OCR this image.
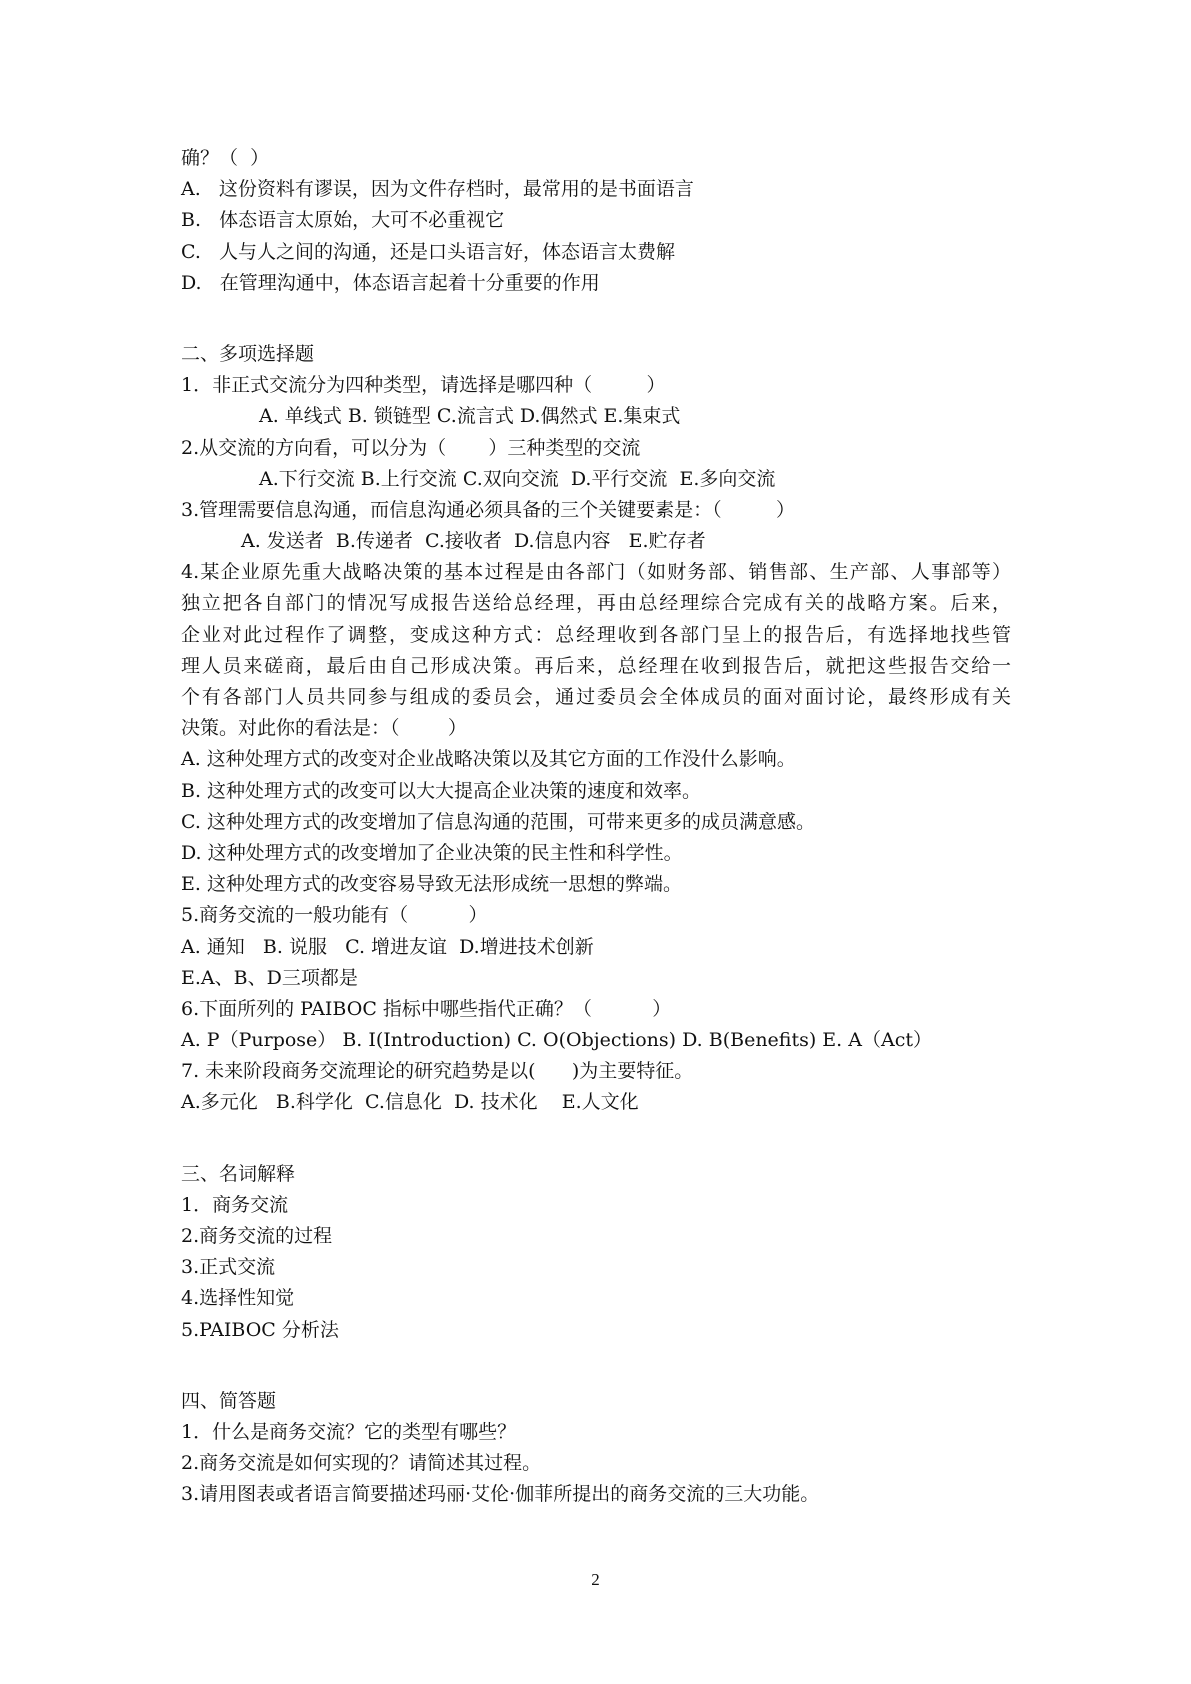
确？（  ）
A.   这份资料有谬误，因为文件存档时，最常用的是书面语言
B.   体态语言太原始，大可不必重视它
C.   人与人之间的沟通，还是口头语言好，体态语言太费解
D.   在管理沟通中，体态语言起着十分重要的作用
二、多项选择题
1．非正式交流分为四种类型，请选择是哪四种（         ）
A. 单线式 B. 锁链型 C.流言式 D.偶然式 E.集束式
2.从交流的方向看，可以分为（       ）三种类型的交流
A.下行交流 B.上行交流 C.双向交流  D.平行交流  E.多向交流
3.管理需要信息沟通，而信息沟通必须具备的三个关键要素是：（         ）
A. 发送者  B.传递者  C.接收者  D.信息内容   E.贮存者
4.某企业原先重大战略决策的基本过程是由各部门（如财务部、销售部、生产部、人事部等）
独立把各自部门的情况写成报告送给总经理，再由总经理综合完成有关的战略方案。后来，
企业对此过程作了调整，变成这种方式：总经理收到各部门呈上的报告后，有选择地找些管
理人员来磋商，最后由自己形成决策。再后来，总经理在收到报告后，就把这些报告交给一
个有各部门人员共同参与组成的委员会，通过委员会全体成员的面对面讨论，最终形成有关
决策。对此你的看法是：（        ）
A. 这种处理方式的改变对企业战略决策以及其它方面的工作没什么影响。
B. 这种处理方式的改变可以大大提高企业决策的速度和效率。
C. 这种处理方式的改变增加了信息沟通的范围，可带来更多的成员满意感。
D. 这种处理方式的改变增加了企业决策的民主性和科学性。
E. 这种处理方式的改变容易导致无法形成统一思想的弊端。
5.商务交流的一般功能有（          ）
A. 通知   B. 说服   C. 增进友谊  D.增进技术创新
E.A、B、D三项都是
6.下面所列的 PAIBOC 指标中哪些指代正确？（          ）
A. P（Purpose） B. I(Introduction) C. O(Objections) D. B(Benefits) E. A（Act）
7. 未来阶段商务交流理论的研究趋势是以(      )为主要特征。
A.多元化   B.科学化  C.信息化  D. 技术化    E.人文化
三、名词解释
1．商务交流
2.商务交流的过程
3.正式交流
4.选择性知觉
5.PAIBOC 分析法
四、简答题
1．什么是商务交流？它的类型有哪些？
2.商务交流是如何实现的？请简述其过程。
3.请用图表或者语言简要描述玛丽·艾伦·伽菲所提出的商务交流的三大功能。
2
